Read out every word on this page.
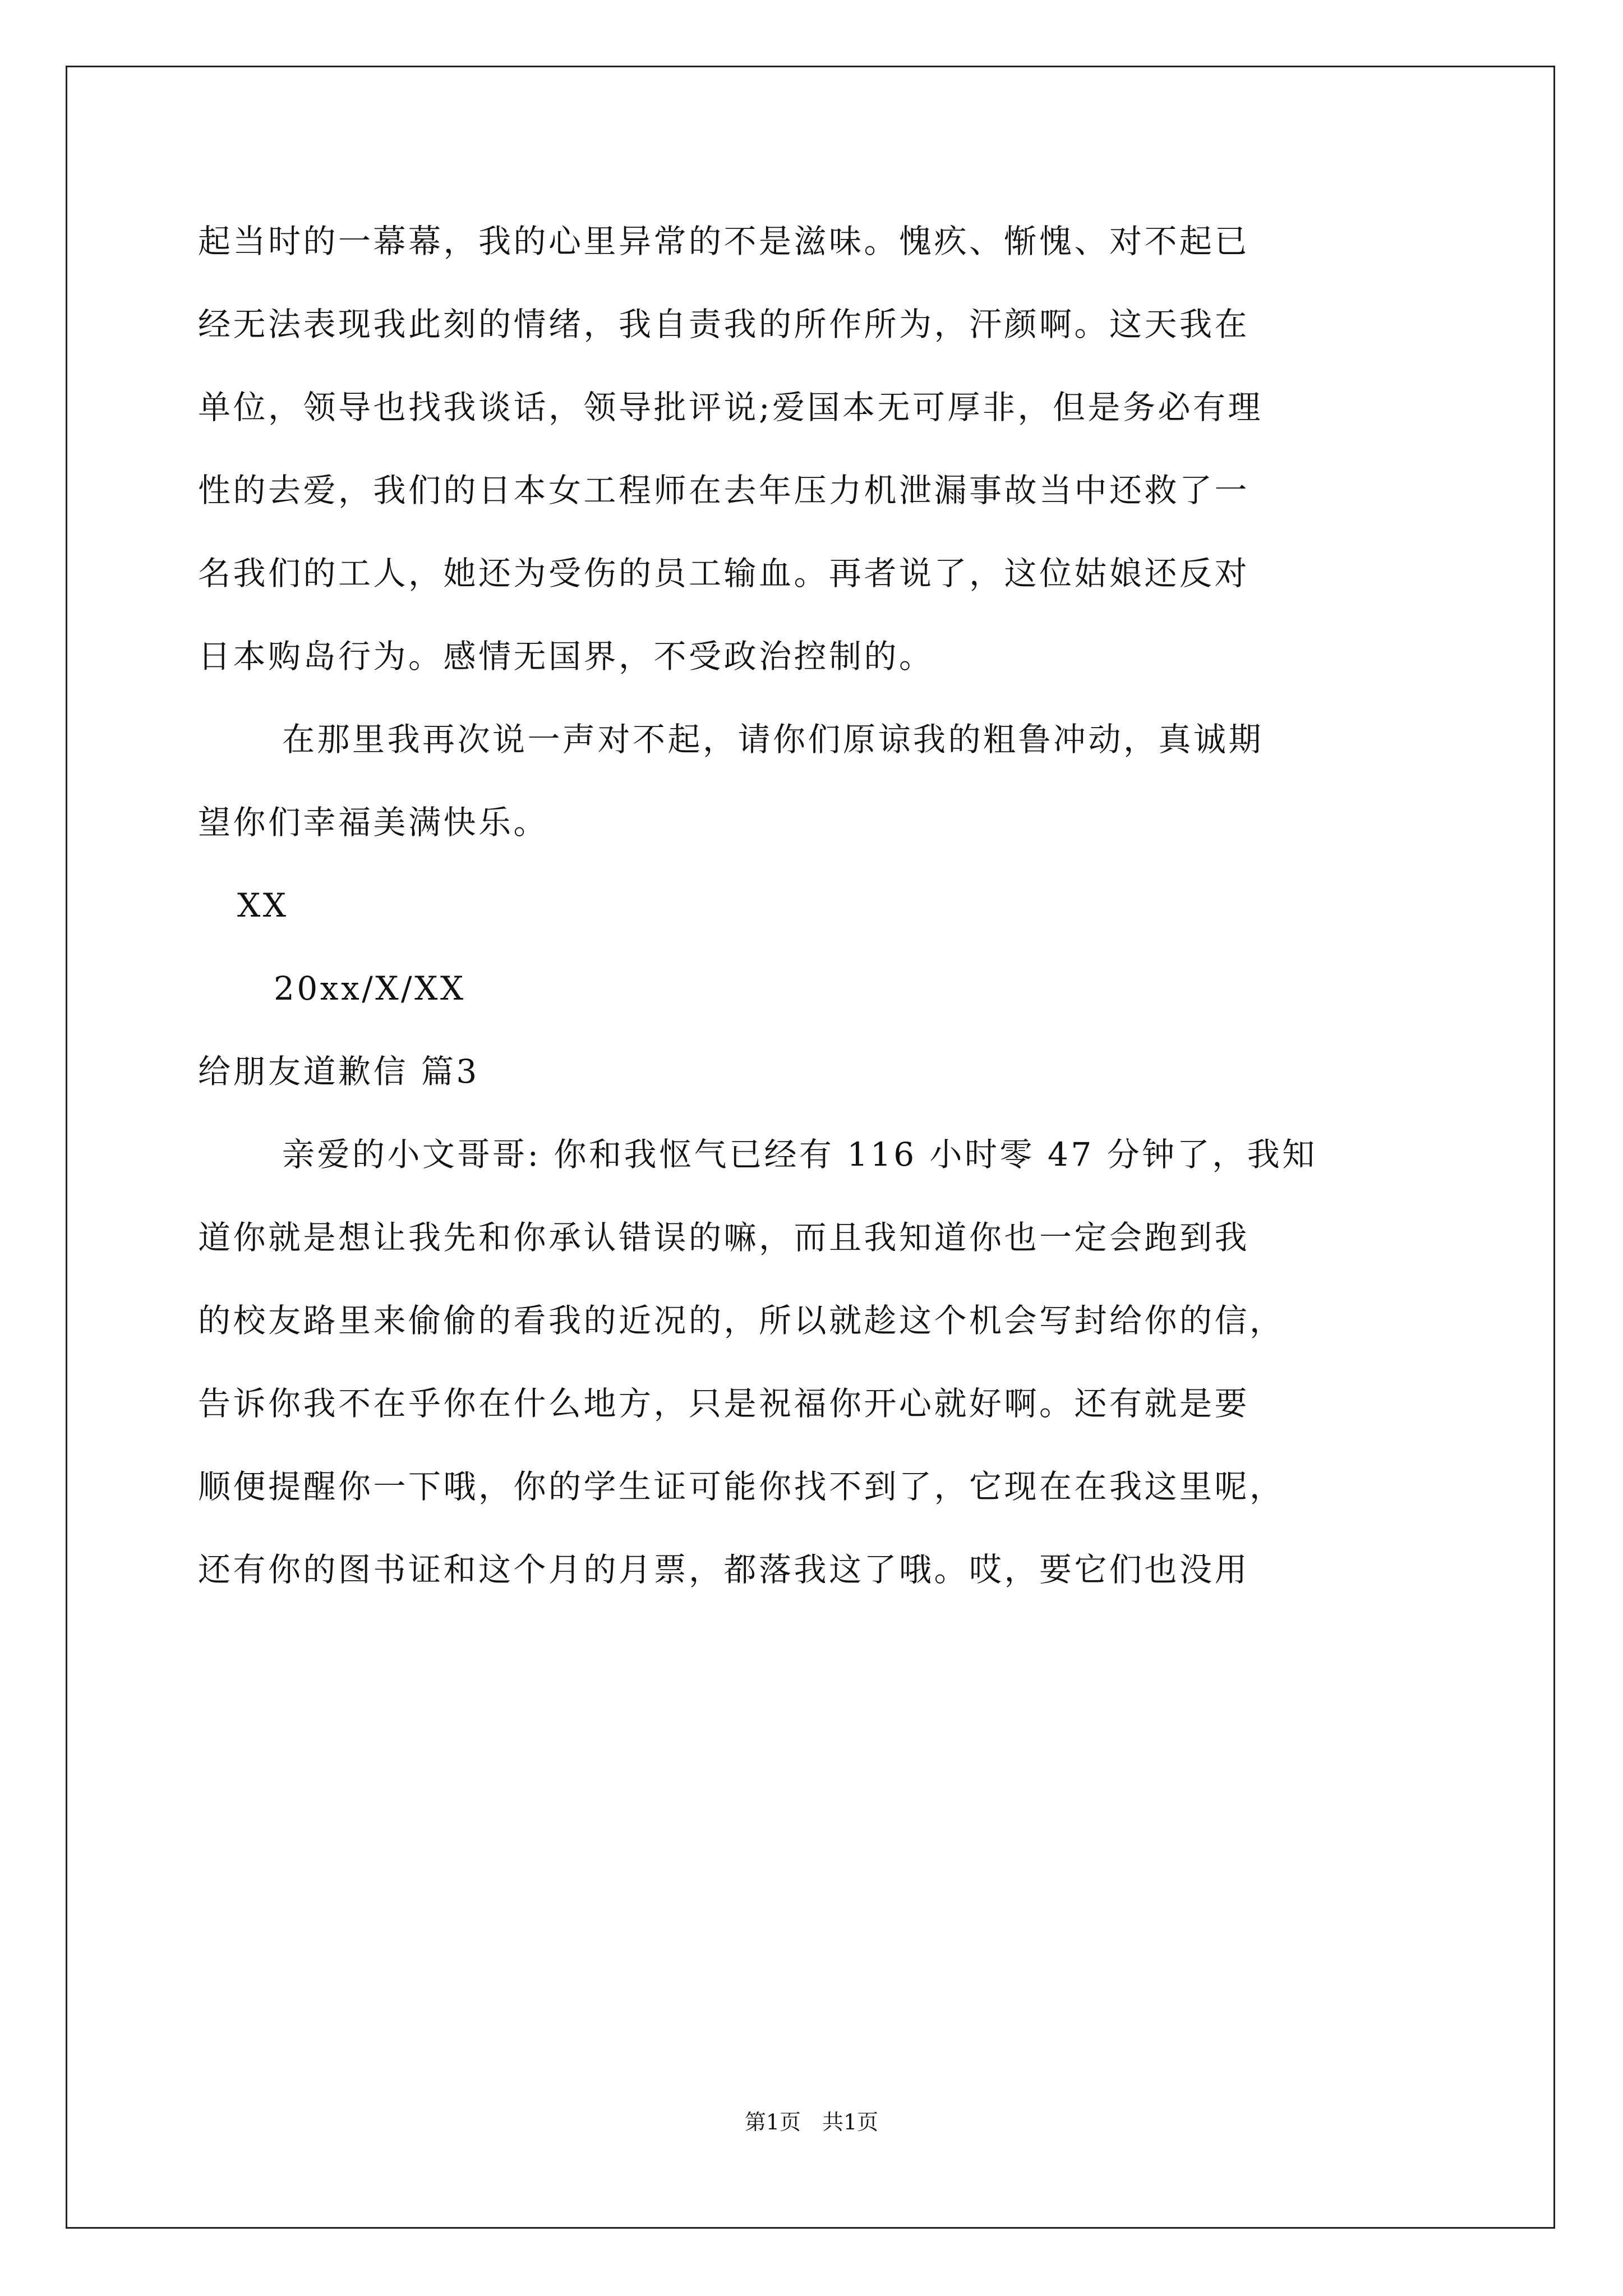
起当时的一幕幕，我的心里异常的不是滋味。愧疚、惭愧、对不起已
经无法表现我此刻的情绪，我自责我的所作所为，汗颜啊。这天我在
单位，领导也找我谈话，领导批评说;爱国本无可厚非，但是务必有理
性的去爱，我们的日本女工程师在去年压力机泄漏事故当中还救了一
名我们的工人，她还为受伤的员工输血。再者说了，这位姑娘还反对
日本购岛行为。感情无国界，不受政治控制的。
在那里我再次说一声对不起，请你们原谅我的粗鲁冲动，真诚期
望你们幸福美满快乐。
XX
20xx/X/XX
给朋友道歉信 篇3
亲爱的小文哥哥: 你和我怄气已经有 116 小时零 47 分钟了，我知
道你就是想让我先和你承认错误的嘛，而且我知道你也一定会跑到我
的校友路里来偷偷的看我的近况的，所以就趁这个机会写封给你的信，
告诉你我不在乎你在什么地方，只是祝福你开心就好啊。还有就是要
顺便提醒你一下哦，你的学生证可能你找不到了，它现在在我这里呢，
还有你的图书证和这个月的月票，都落我这了哦。哎，要它们也没用
第1页　共1页
